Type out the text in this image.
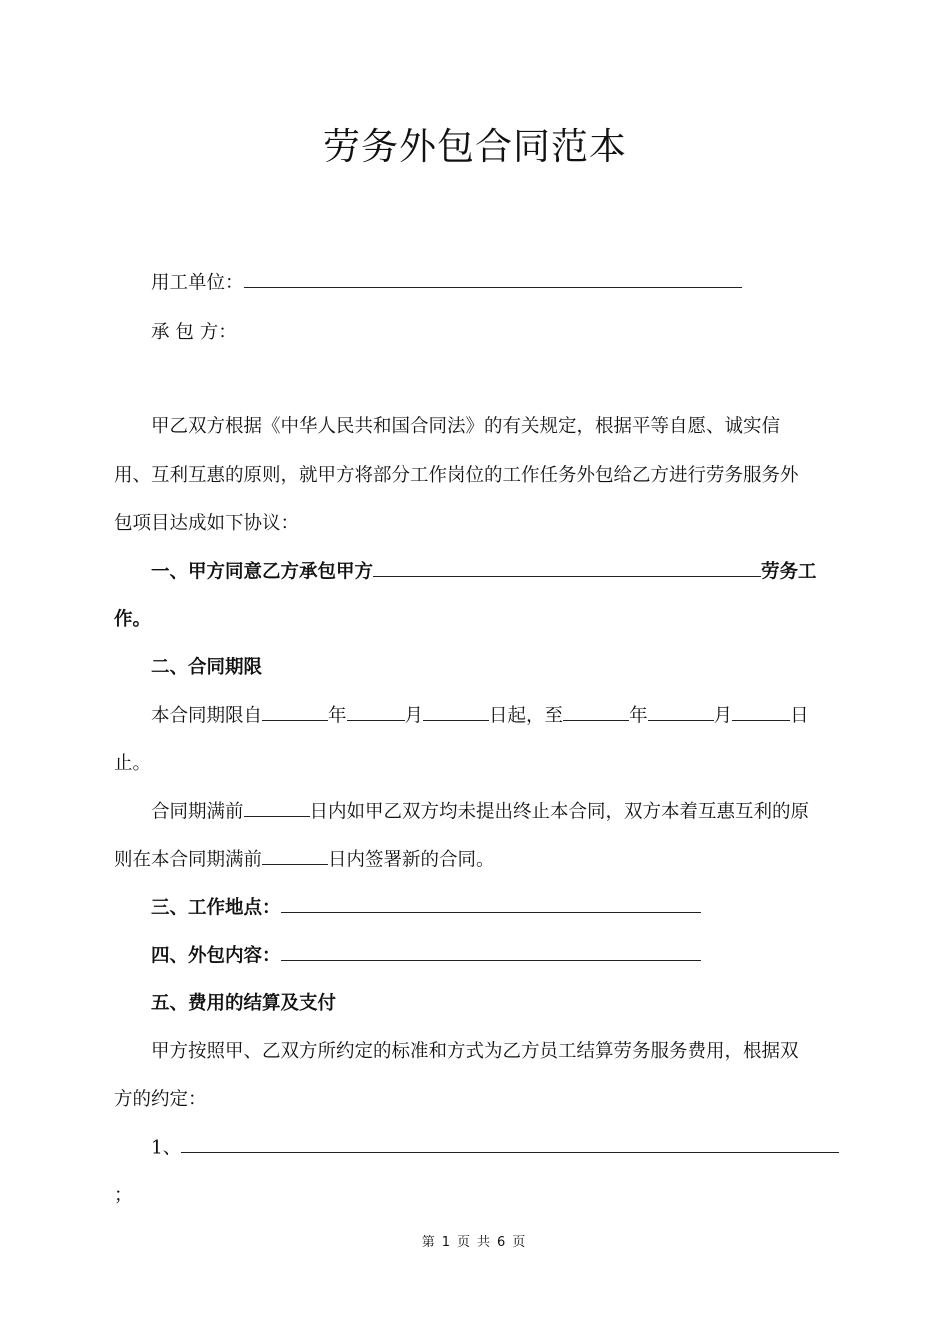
劳务外包合同范本
用工单位：
承 包 方：
甲乙双方根据《中华人民共和国合同法》的有关规定，根据平等自愿、诚实信
用、互利互惠的原则，就甲方将部分工作岗位的工作任务外包给乙方进行劳务服务外
包项目达成如下协议：
一、甲方同意乙方承包甲方	劳务工
作。
二、合同期限
本合同期限自	年	月	日起，至	年	月	日
止。
合同期满前	日内如甲乙双方均未提出终止本合同，双方本着互惠互利的原
则在本合同期满前	日内签署新的合同。
三、工作地点：
四、外包内容：
五、费用的结算及支付
甲方按照甲、乙双方所约定的标准和方式为乙方员工结算劳务服务费用，根据双
方的约定：
1、
；
第 1 页 共 6 页
